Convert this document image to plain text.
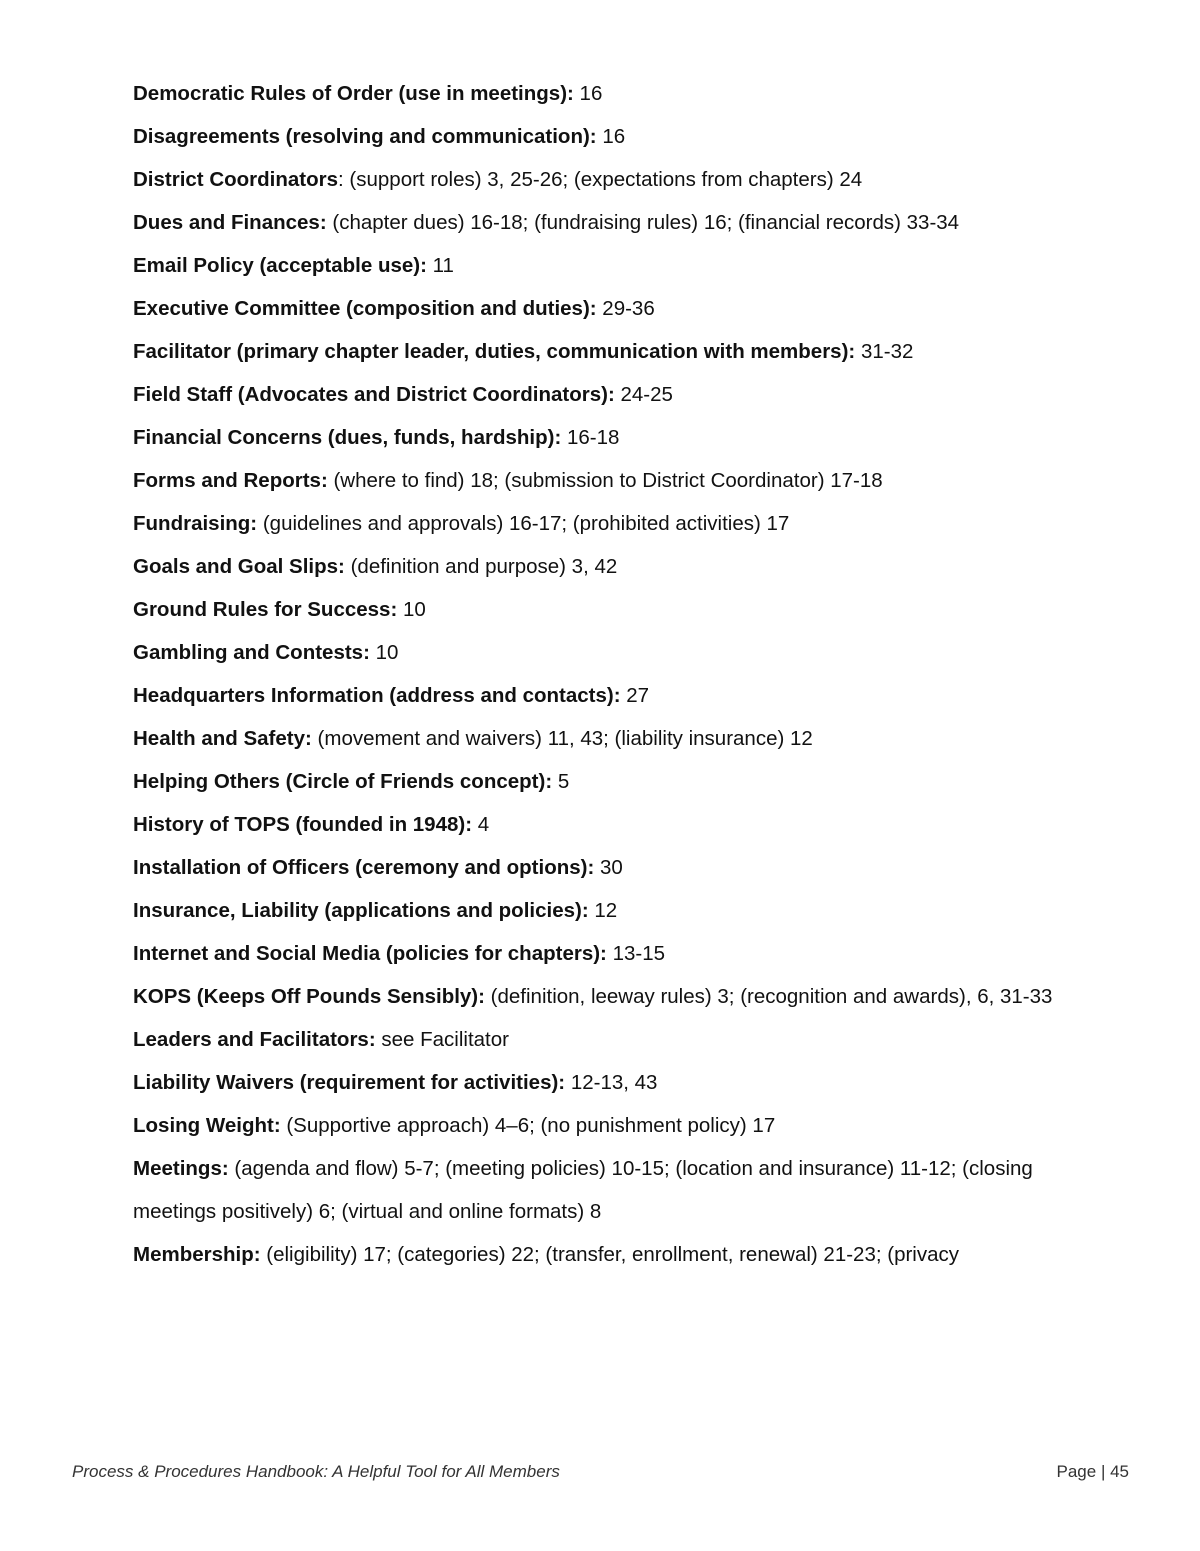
Democratic Rules of Order (use in meetings): 16

Disagreements (resolving and communication): 16

District Coordinators: (support roles) 3, 25-26; (expectations from chapters) 24

Dues and Finances: (chapter dues) 16-18; (fundraising rules) 16; (financial records) 33-34

Email Policy (acceptable use): 11

Executive Committee (composition and duties): 29-36

Facilitator (primary chapter leader, duties, communication with members): 31-32

Field Staff (Advocates and District Coordinators): 24-25

Financial Concerns (dues, funds, hardship): 16-18

Forms and Reports: (where to find) 18; (submission to District Coordinator) 17-18

Fundraising: (guidelines and approvals) 16-17; (prohibited activities) 17

Goals and Goal Slips: (definition and purpose) 3, 42

Ground Rules for Success: 10

Gambling and Contests: 10

Headquarters Information (address and contacts): 27

Health and Safety: (movement and waivers) 11, 43; (liability insurance) 12

Helping Others (Circle of Friends concept): 5

History of TOPS (founded in 1948): 4

Installation of Officers (ceremony and options): 30

Insurance, Liability (applications and policies): 12

Internet and Social Media (policies for chapters): 13-15

KOPS (Keeps Off Pounds Sensibly): (definition, leeway rules) 3; (recognition and awards), 6, 31-33

Leaders and Facilitators: see Facilitator

Liability Waivers (requirement for activities): 12-13, 43

Losing Weight: (Supportive approach) 4–6; (no punishment policy) 17

Meetings: (agenda and flow) 5-7; (meeting policies) 10-15; (location and insurance) 11-12; (closing meetings positively) 6; (virtual and online formats) 8

Membership: (eligibility) 17; (categories) 22; (transfer, enrollment, renewal) 21-23; (privacy

Process & Procedures Handbook: A Helpful Tool for All Members	Page | 45
